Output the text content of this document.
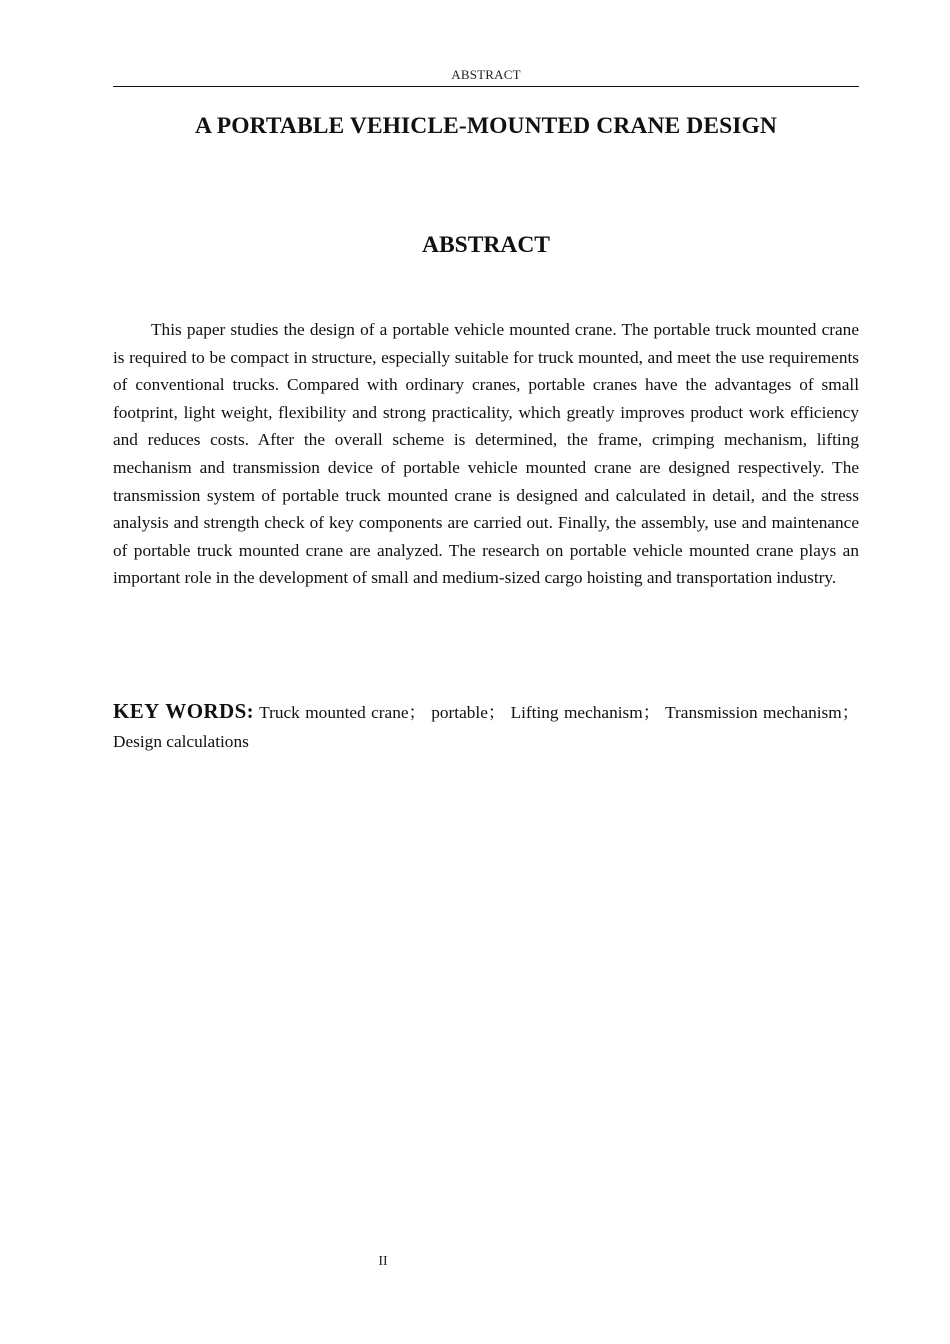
ABSTRACT
A PORTABLE VEHICLE-MOUNTED CRANE DESIGN
ABSTRACT

This paper studies the design of a portable vehicle mounted crane. The portable truck mounted crane is required to be compact in structure, especially suitable for truck mounted, and meet the use requirements of conventional trucks. Compared with ordinary cranes, portable cranes have the advantages of small footprint, light weight, flexibility and strong practicality, which greatly improves product work efficiency and reduces costs. After the overall scheme is determined, the frame, crimping mechanism, lifting mechanism and transmission device of portable vehicle mounted crane are designed respectively. The transmission system of portable truck mounted crane is designed and calculated in detail, and the stress analysis and strength check of key components are carried out. Finally, the assembly, use and maintenance of portable truck mounted crane are analyzed. The research on portable vehicle mounted crane plays an important role in the development of small and medium-sized cargo hoisting and transportation industry.

KEY WORDS: Truck mounted crane； portable； Lifting mechanism； Transmission mechanism；Design calculations

II
